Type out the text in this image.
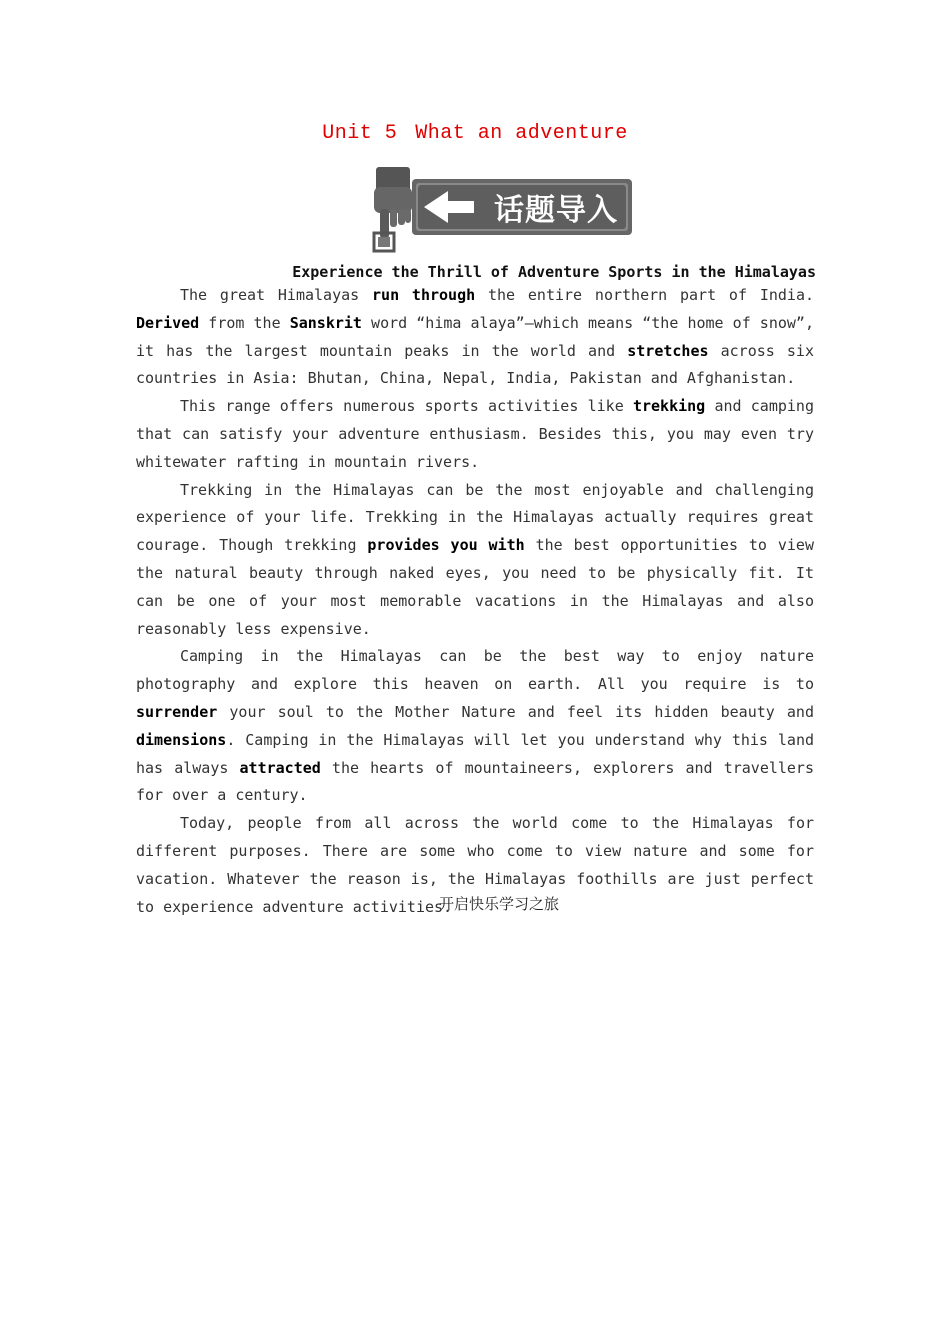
Unit 5 What an adventure
话题导入
Experience the Thrill of Adventure Sports in the Himalayas

The great Himalayas run through the entire northern part of India. Derived from the Sanskrit word “hima alaya”—which means “the home of snow”, it has the largest mountain peaks in the world and stretches across six countries in Asia: Bhutan, China, Nepal, India, Pakistan and Afghanistan.

This range offers numerous sports activities like trekking and camping that can satisfy your adventure enthusiasm. Besides this, you may even try whitewater rafting in mountain rivers.

Trekking in the Himalayas can be the most enjoyable and challenging experience of your life. Trekking in the Himalayas actually requires great courage. Though trekking provides you with the best opportunities to view the natural beauty through naked eyes, you need to be physically fit. It can be one of your most memorable vacations in the Himalayas and also reasonably less expensive.

Camping in the Himalayas can be the best way to enjoy nature photography and explore this heaven on earth. All you require is to surrender your soul to the Mother Nature and feel its hidden beauty and dimensions. Camping in the Himalayas will let you understand why this land has always attracted the hearts of mountaineers, explorers and travellers for over a century.

Today, people from all across the world come to the Himalayas for different purposes. There are some who come to view nature and some for vacation. Whatever the reason is, the Himalayas foothills are just perfect to experience adventure activities.

开启快乐学习之旅
